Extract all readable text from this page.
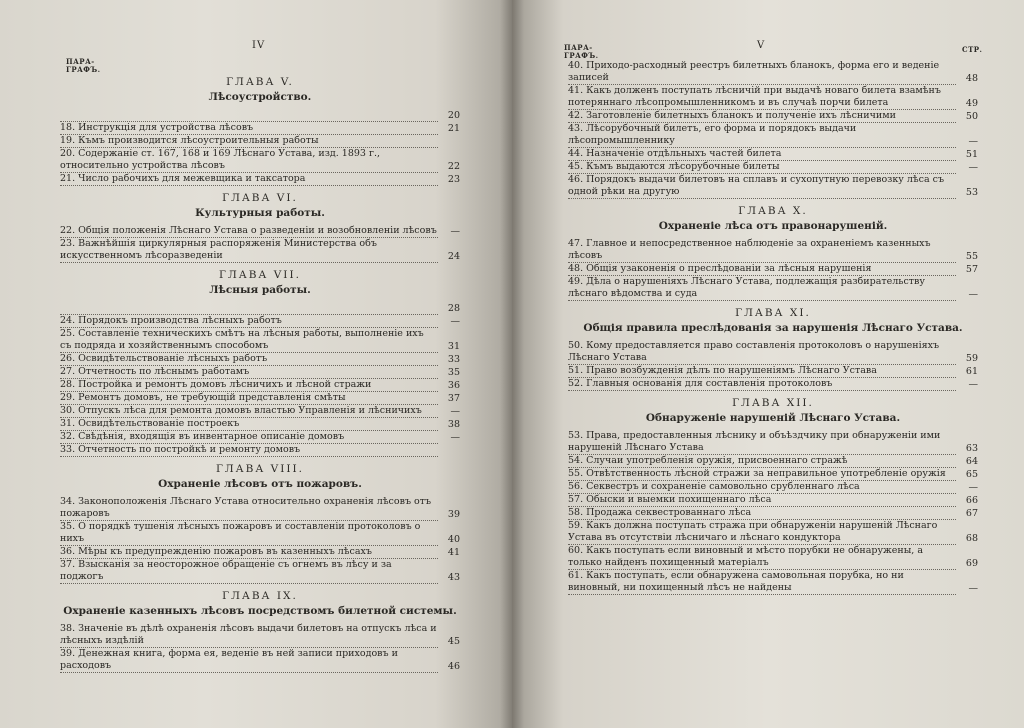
IV
ПАРА-
ГРАФЪ.
ГЛАВА V.
Лѣсоустройство.

20
18. Инструкція для устройства лѣсовъ	21
19. Къмъ производится лѣсоустроительныя работы
20. Содержаніе ст. 167, 168 и 169 Лѣснаго Устава, изд. 1893 г., относительно устройства лѣсовъ	22
21. Число рабочихъ для межевщика и таксатора	23
ГЛАВА VI.
Культурныя работы.
22. Общія положенія Лѣснаго Устава о разведеніи и возобновленіи лѣсовъ	—
23. Важнѣйшія циркулярныя распоряженія Министерства объ искусственномъ лѣсоразведеніи	24
ГЛАВА VII.
Лѣсныя работы.

28
24. Порядокъ производства лѣсныхъ работъ	—
25. Составленіе техническихъ смѣтъ на лѣсныя работы, выполненіе ихъ съ подряда и хозяйственнымъ способомъ	31
26. Освидѣтельствованіе лѣсныхъ работъ	33
27. Отчетность по лѣснымъ работамъ	35
28. Постройка и ремонтъ домовъ лѣсничихъ и лѣсной стражи	36
29. Ремонтъ домовъ, не требующій представленія смѣты	37
30. Отпускъ лѣса для ремонта домовъ властью Управленія и лѣсничихъ	—
31. Освидѣтельствованіе построекъ	38
32. Свѣдѣнія, входящія въ инвентарное описаніе домовъ	—
33. Отчетность по постройкѣ и ремонту домовъ
ГЛАВА VIII.
Охраненіе лѣсовъ отъ пожаровъ.
34. Законоположенія Лѣснаго Устава относительно охраненія лѣсовъ отъ пожаровъ	39
35. О порядкѣ тушенія лѣсныхъ пожаровъ и составленіи протоколовъ о нихъ	40
36. Мѣры къ предупрежденію пожаровъ въ казенныхъ лѣсахъ	41
37. Взысканія за неосторожное обращеніе съ огнемъ въ лѣсу и за поджогъ	43
ГЛАВА IX.
Охраненіе казенныхъ лѣсовъ посредствомъ билетной системы.
38. Значеніе въ дѣлѣ охраненія лѣсовъ выдачи билетовъ на отпускъ лѣса и лѣсныхъ издѣлій	45
39. Денежная книга, форма ея, веденіе въ ней записи приходовъ и расходовъ	46
V
ПАРА-
ГРАФЪ.
СТР.
40. Приходо-расходный реестръ билетныхъ бланокъ, форма его и веденіе записей	48
41. Какъ долженъ поступать лѣсничій при выдачѣ новаго билета взамѣнъ потеряннаго лѣсопромышленникомъ и въ случаѣ порчи билета	49
42. Заготовленіе билетныхъ бланокъ и полученіе ихъ лѣсничими	50
43. Лѣсорубочный билетъ, его форма и порядокъ выдачи лѣсопромышленнику	—
44. Назначеніе отдѣльныхъ частей билета	51
45. Къмъ выдаются лѣсорубочные билеты	—
46. Порядокъ выдачи билетовъ на сплавъ и сухопутную перевозку лѣса съ одной рѣки на другую	53
ГЛАВА X.
Охраненіе лѣса отъ правонарушеній.
47. Главное и непосредственное наблюденіе за охраненіемъ казенныхъ лѣсовъ	55
48. Общія узаконенія о преслѣдованіи за лѣсныя нарушенія	57
49. Дѣла о нарушеніяхъ Лѣснаго Устава, подлежащія разбирательству лѣснаго вѣдомства и суда	—
ГЛАВА XI.
Общія правила преслѣдованія за нарушенія Лѣснаго Устава.
50. Кому предоставляется право составленія протоколовъ о нарушеніяхъ Лѣснаго Устава	59
51. Право возбужденія дѣлъ по нарушеніямъ Лѣснаго Устава	61
52. Главныя основанія для составленія протоколовъ	—
ГЛАВА XII.
Обнаруженіе нарушеній Лѣснаго Устава.
53. Права, предоставленныя лѣснику и объѣздчику при обнаруженіи ими нарушеній Лѣснаго Устава	63
54. Случаи употребленія оружія, присвоеннаго стражѣ	64
55. Отвѣтственность лѣсной стражи за неправильное употребленіе оружія	65
56. Секвестръ и сохраненіе самовольно срубленнаго лѣса	—
57. Обыски и выемки похищеннаго лѣса	66
58. Продажа секвестрованнаго лѣса	67
59. Какъ должна поступать стража при обнаруженіи нарушеній Лѣснаго Устава въ отсутствіи лѣсничаго и лѣснаго кондуктора	68
60. Какъ поступать если виновный и мѣсто порубки не обнаружены, а только найденъ похищенный матеріалъ	69
61. Какъ поступать, если обнаружена самовольная порубка, но ни виновный, ни похищенный лѣсъ не найдены	—
